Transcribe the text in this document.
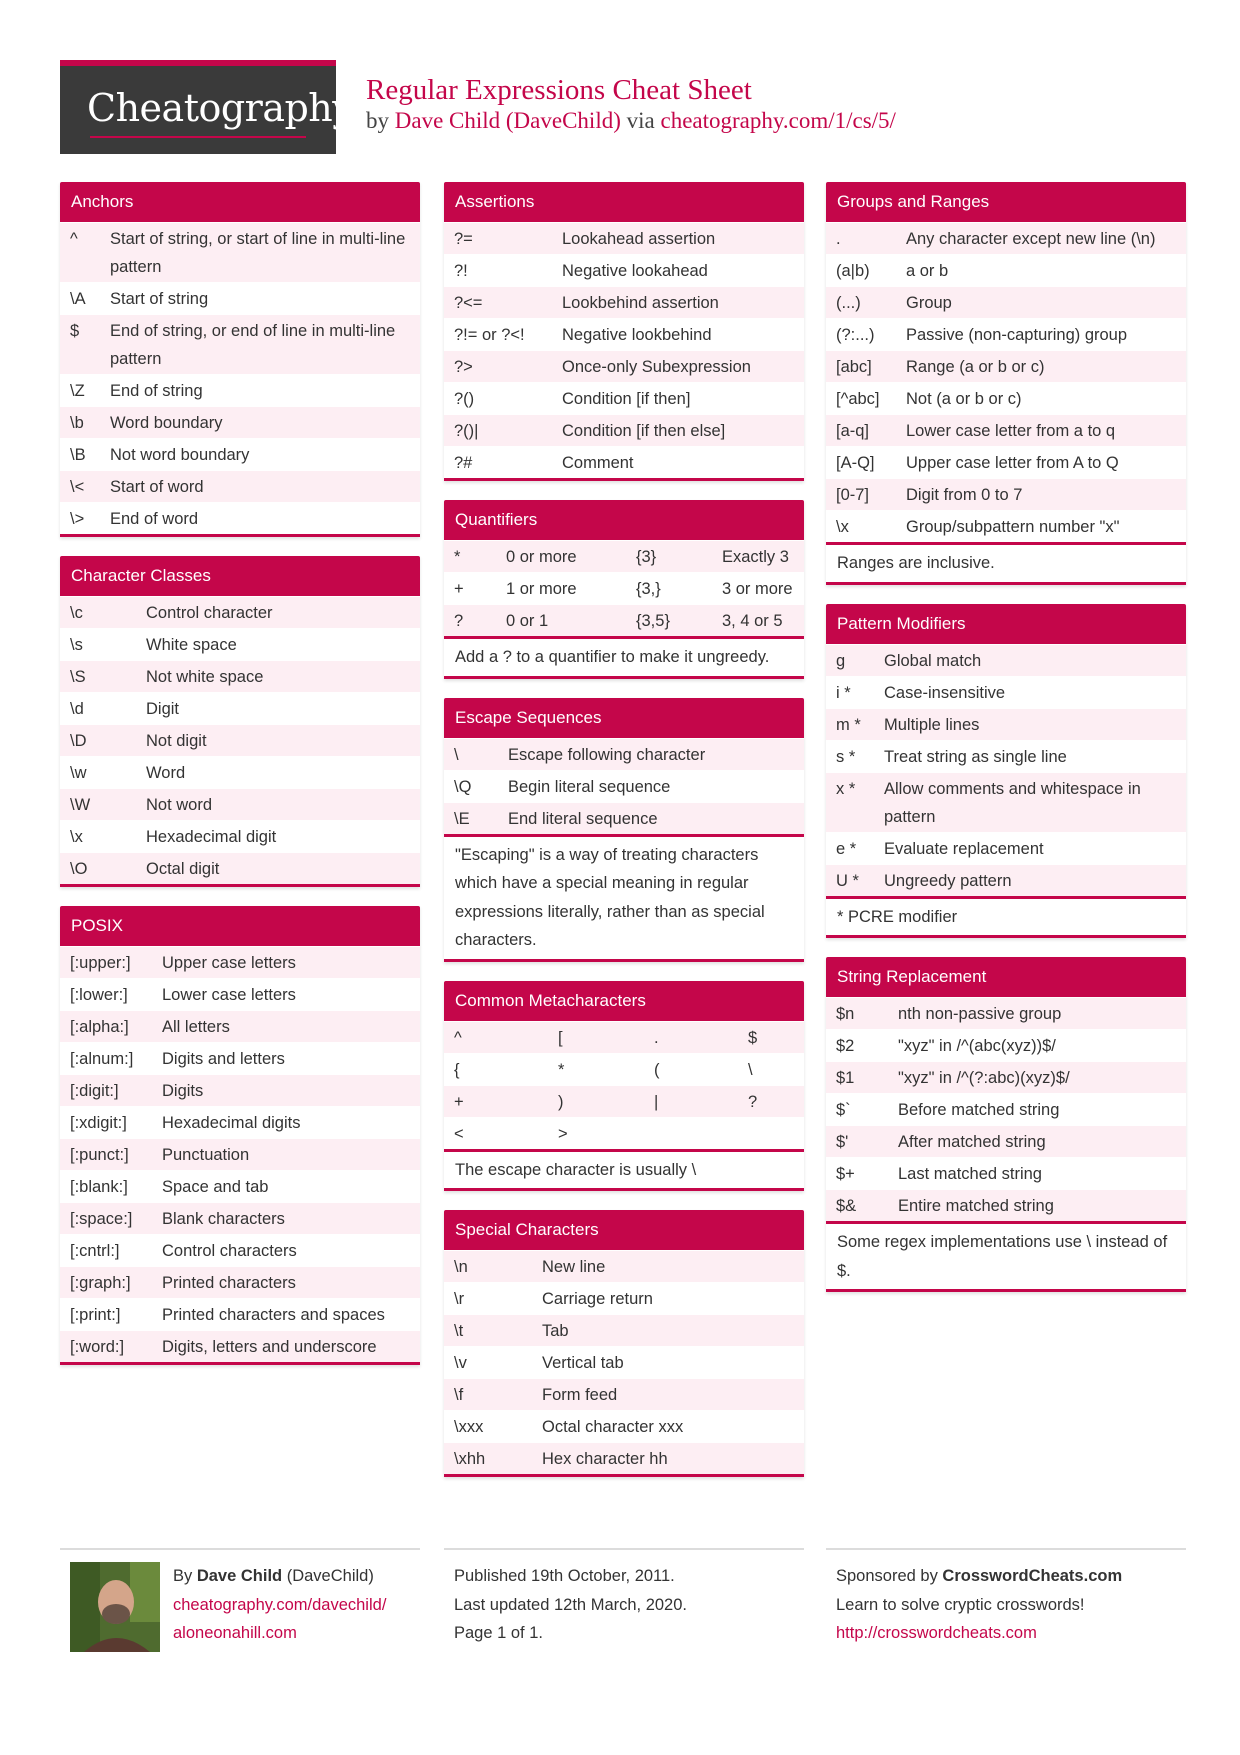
Cheatography Regular Expressions Cheat Sheet
by Dave Child (DaveChild) via cheatography.com/1/cs/5/
Anchors
^	Start of string, or start of line in multi-line pattern
\A	Start of string
$	End of string, or end of line in multi-line pattern
\Z	End of string
\b	Word boundary
\B	Not word boundary
\<	Start of word
\>	End of word
Character Classes
\c	Control character
\s	White space
\S	Not white space
\d	Digit
\D	Not digit
\w	Word
\W	Not word
\x	Hexadecimal digit
\O	Octal digit
POSIX
[:upper:]	Upper case letters
[:lower:]	Lower case letters
[:alpha:]	All letters
[:alnum:]	Digits and letters
[:digit:]	Digits
[:xdigit:]	Hexadecimal digits
[:punct:]	Punctuation
[:blank:]	Space and tab
[:space:]	Blank characters
[:cntrl:]	Control characters
[:graph:]	Printed characters
[:print:]	Printed characters and spaces
[:word:]	Digits, letters and underscore
Assertions
?=	Lookahead assertion
?!	Negative lookahead
?<=	Lookbehind assertion
?!= or ?<!	Negative lookbehind
?>	Once-only Subexpression
?()	Condition [if then]
?()|	Condition [if then else]
?#	Comment
Quantifiers
*	0 or more	{3}	Exactly 3
+	1 or more	{3,}	3 or more
?	0 or 1	{3,5}	3, 4 or 5
Add a ? to a quantifier to make it ungreedy.
Escape Sequences
\	Escape following character
\Q	Begin literal sequence
\E	End literal sequence
"Escaping" is a way of treating characters which have a special meaning in regular expressions literally, rather than as special characters.
Common Metacharacters
^	[	.	$
{	*	(	\
+	)	|	?
<	>
The escape character is usually \
Special Characters
\n	New line
\r	Carriage return
\t	Tab
\v	Vertical tab
\f	Form feed
\xxx	Octal character xxx
\xhh	Hex character hh
Groups and Ranges
.	Any character except new line (\n)
(a|b)	a or b
(...)	Group
(?:...)	Passive (non-capturing) group
[abc]	Range (a or b or c)
[^abc]	Not (a or b or c)
[a-q]	Lower case letter from a to q
[A-Q]	Upper case letter from A to Q
[0-7]	Digit from 0 to 7
\x	Group/subpattern number "x"
Ranges are inclusive.
Pattern Modifiers
g	Global match
i *	Case-insensitive
m *	Multiple lines
s *	Treat string as single line
x *	Allow comments and whitespace in pattern
e *	Evaluate replacement
U *	Ungreedy pattern
* PCRE modifier
String Replacement
$n	nth non-passive group
$2	"xyz" in /^(abc(xyz))$/
$1	"xyz" in /^(?:abc)(xyz)$/
$`	Before matched string
$'	After matched string
$+	Last matched string
$&	Entire matched string
Some regex implementations use \ instead of $.
By Dave Child (DaveChild)
cheatography.com/davechild/
aloneonahill.com
Published 19th October, 2011.
Last updated 12th March, 2020.
Page 1 of 1.
Sponsored by CrosswordCheats.com
Learn to solve cryptic crosswords!
http://crosswordcheats.com
